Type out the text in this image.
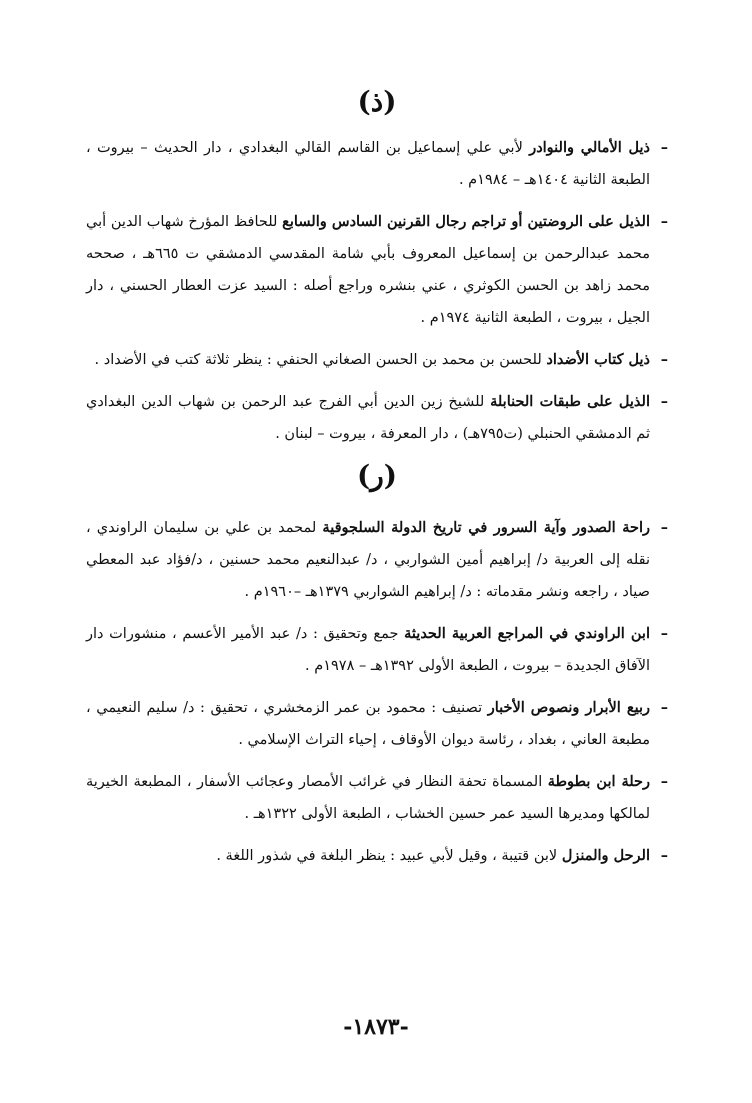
(ذ)

–
ذيل الأمالي والنوادر لأبي علي إسماعيل بن القاسم القالي البغدادي ، دار الحديث – بيروت ، الطبعة الثانية ١٤٠٤هـ – ١٩٨٤م .

–
الذيل على الروضتين أو تراجم رجال القرنين السادس والسابع للحافظ المؤرخ شهاب الدين أبي محمد عبدالرحمن بن إسماعيل المعروف بأبي شامة المقدسي الدمشقي ت ٦٦٥هـ ، صححه محمد زاهد بن الحسن الكوثري ، عني بنشره وراجع أصله : السيد عزت العطار الحسني ، دار الجيل ، بيروت ، الطبعة الثانية ١٩٧٤م .

–
ذيل كتاب الأضداد للحسن بن محمد بن الحسن الصغاني الحنفي : ينظر ثلاثة كتب في الأضداد .

–
الذيل على طبقات الحنابلة للشيخ زين الدين أبي الفرج عبد الرحمن بن شهاب الدين البغدادي ثم الدمشقي الحنبلي (ت٧٩٥هـ) ، دار المعرفة ، بيروت – لبنان .

(ر)

–
راحة الصدور وآية السرور في تاريخ الدولة السلجوقية لمحمد بن علي بن سليمان الراوندي ، نقله إلى العربية د/ إبراهيم أمين الشواربي ، د/ عبدالنعيم محمد حسنين ، د/فؤاد عبد المعطي صياد ، راجعه ونشر مقدماته : د/ إبراهيم الشواربي ١٣٧٩هـ –١٩٦٠م .

–
ابن الراوندي في المراجع العربية الحديثة جمع وتحقيق : د/ عبد الأمير الأعسم ، منشورات دار الآفاق الجديدة – بيروت ، الطبعة الأولى ١٣٩٢هـ – ١٩٧٨م .

–
ربيع الأبرار ونصوص الأخبار تصنيف : محمود بن عمر الزمخشري ، تحقيق : د/ سليم النعيمي ، مطبعة العاني ، بغداد ، رئاسة ديوان الأوقاف ، إحياء التراث الإسلامي .

–
رحلة ابن بطوطة المسماة تحفة النظار في غرائب الأمصار وعجائب الأسفار ، المطبعة الخيرية لمالكها ومديرها السيد عمر حسين الخشاب ، الطبعة الأولى ١٣٢٢هـ .

–
الرحل والمنزل لابن قتيبة ، وقيل لأبي عبيد : ينظر البلغة في شذور اللغة .

-١٨٧٣-
